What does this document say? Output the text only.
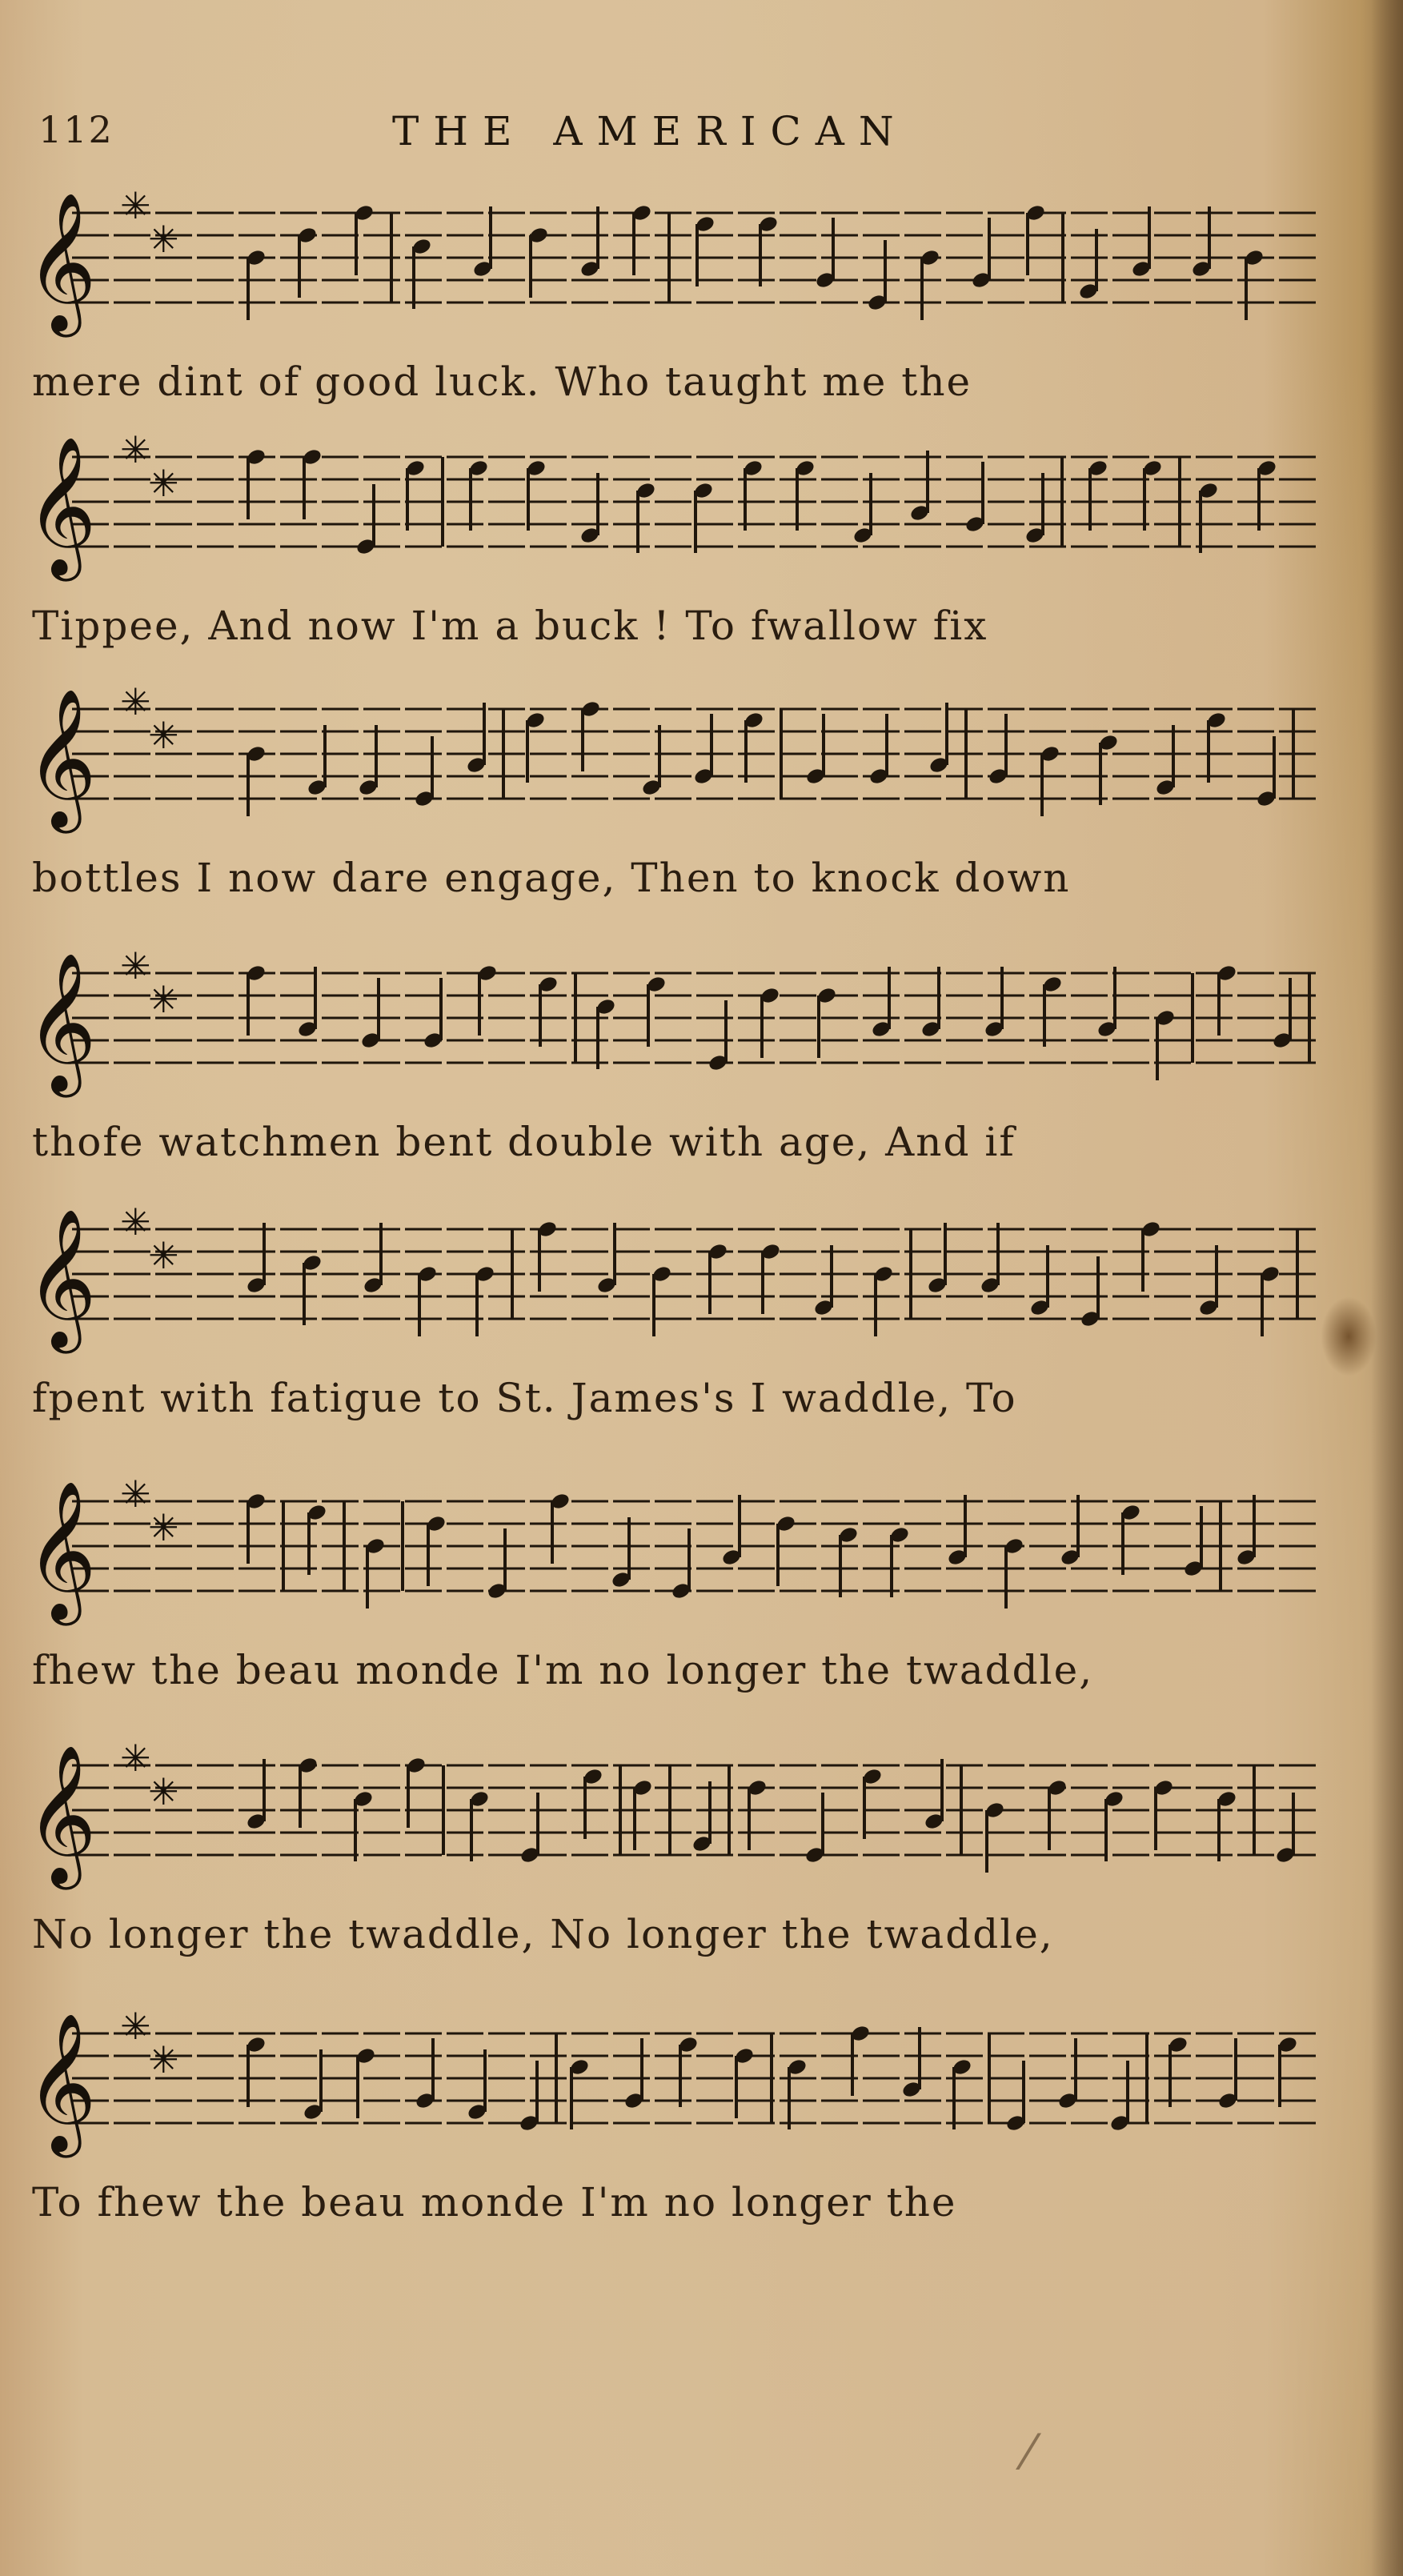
112	THE AMERICAN
𝄞 ✳
✳
mere dint of good luck. Who taught me the
𝄞 ✳
✳
Tippee, And now I'm a buck ! To fwallow fix
𝄞 ✳
✳
bottles I now dare engage, Then to knock down
𝄞 ✳
✳
thofe watchmen bent double with age, And if
𝄞 ✳
✳
fpent with fatigue to St. James's I waddle, To
𝄞 ✳
✳
fhew the beau monde I'm no longer the twaddle,
𝄞 ✳
✳
No longer the twaddle, No longer the twaddle,
𝄞 ✳
✳
To fhew the beau monde I'm no longer the
⁄
